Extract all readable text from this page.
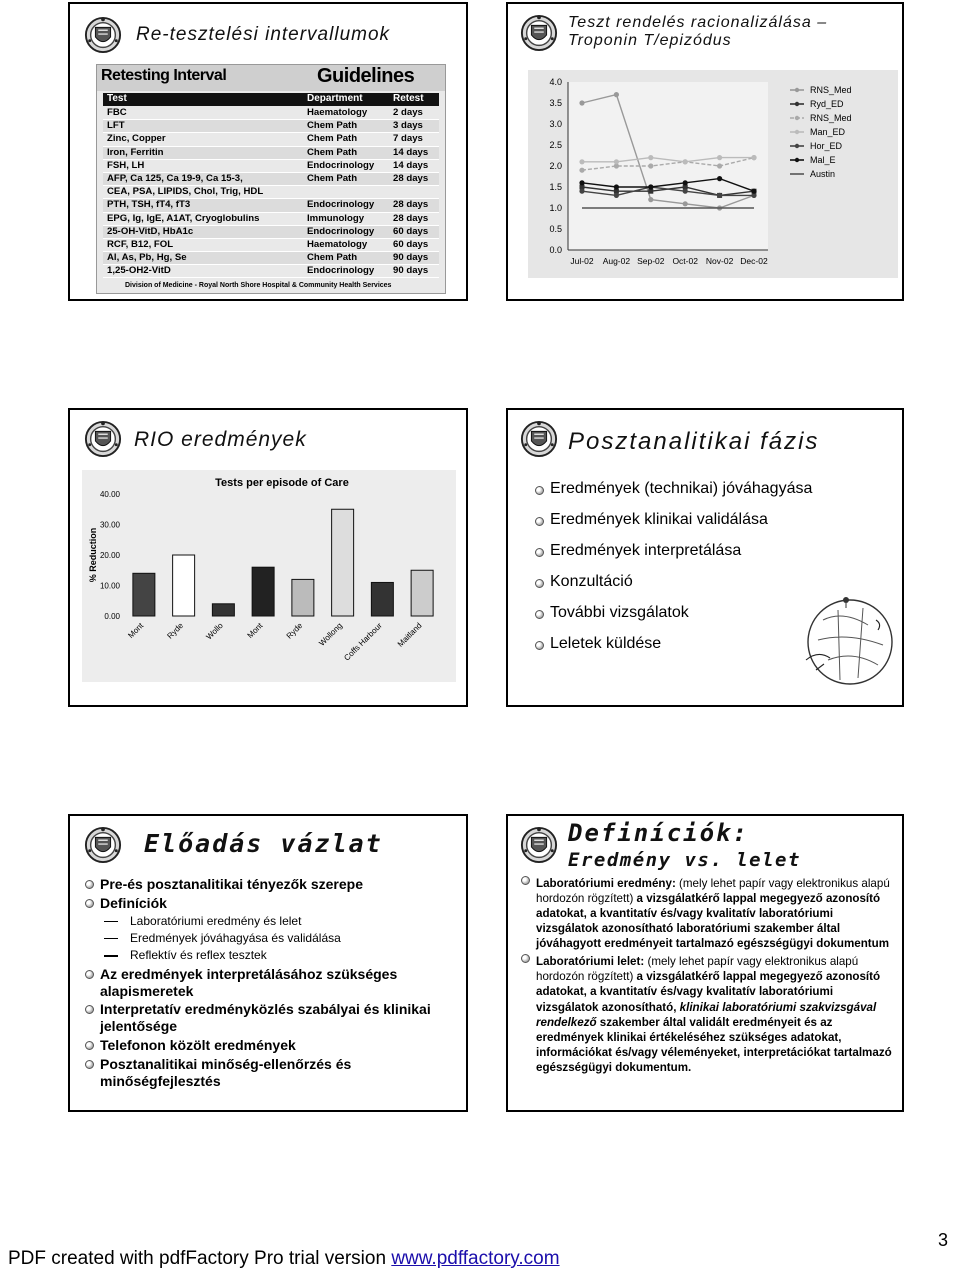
Re-tesztelési intervallumok
Retesting Interval	Guidelines
Test	Department	Retest
FBC	Haematology	2 days
LFT	Chem Path	3 days
Zinc, Copper	Chem Path	7 days
Iron, Ferritin	Chem Path	14 days
FSH, LH	Endocrinology	14 days
AFP, Ca 125, Ca 19-9, Ca 15-3,	Chem Path	28 days
CEA, PSA, LIPIDS, Chol, Trig, HDL
PTH, TSH, fT4, fT3	Endocrinology	28 days
EPG, Ig, IgE, A1AT, Cryoglobulins	Immunology	28 days
25-OH-VitD, HbA1c	Endocrinology	60 days
RCF, B12, FOL	Haematology	60 days
Al, As, Pb, Hg, Se	Chem Path	90 days
1,25-OH2-VitD	Endocrinology	90 days
Division of Medicine - Royal North Shore Hospital & Community Health Services
Teszt rendelés racionalizálása –
Troponin T/epizódus
0.0
0.5
1.0
1.5
2.0
2.5
3.0
3.5
4.0
Jul-02 Aug-02 Sep-02 Oct-02 Nov-02 Dec-02
RNS_Med
Ryd_ED
RNS_Med
Man_ED
Hor_ED
Mal_E
Austin
RIO eredmények
Tests per episode of Care
% Reduction
0.00
10.00
20.00
30.00
40.00
Mont	Ryde Wollo	Mont	Ryde Wollong
Coffs Harbour Maitland
Posztanalitikai fázis
Eredmények (technikai) jóváhagyása
Eredmények klinikai validálása
Eredmények interpretálása
Konzultáció
További vizsgálatok
Leletek küldése
Előadás vázlat
Pre-és posztanalitikai tényezők szerepe
Definíciók
Laboratóriumi eredmény és lelet
Eredmények jóváhagyása és validálása
Reflektív és reflex tesztek
Az eredmények interpretálásához szükséges alapismeretek
Interpretatív eredményközlés szabályai és klinikai jelentősége
Telefonon közölt eredmények
Posztanalitikai minőség-ellenőrzés és minőségfejlesztés
Definíciók:
Eredmény vs. lelet
Laboratóriumi eredmény: (mely lehet papír vagy elektronikus alapú hordozón rögzített) a vizsgálatkérő lappal megegyező azonosító adatokat, a kvantitatív és/vagy kvalitatív laboratóriumi vizsgálatok azonosítható laboratóriumi szakember által jóváhagyott eredményeit tartalmazó egészségügyi dokumentum
Laboratóriumi lelet: (mely lehet papír vagy elektronikus alapú hordozón rögzített) a vizsgálatkérő lappal megegyező azonosító adatokat, a kvantitatív és/vagy kvalitatív laboratóriumi vizsgálatok azonosítható, klinikai laboratóriumi szakvizsgával rendelkező szakember által validált eredményeit és az eredmények klinikai értékeléséhez szükséges adatokat, információkat és/vagy véleményeket, interpretációkat tartalmazó egészségügyi dokumentum.
PDF created with pdfFactory Pro trial version www.pdffactory.com
3
